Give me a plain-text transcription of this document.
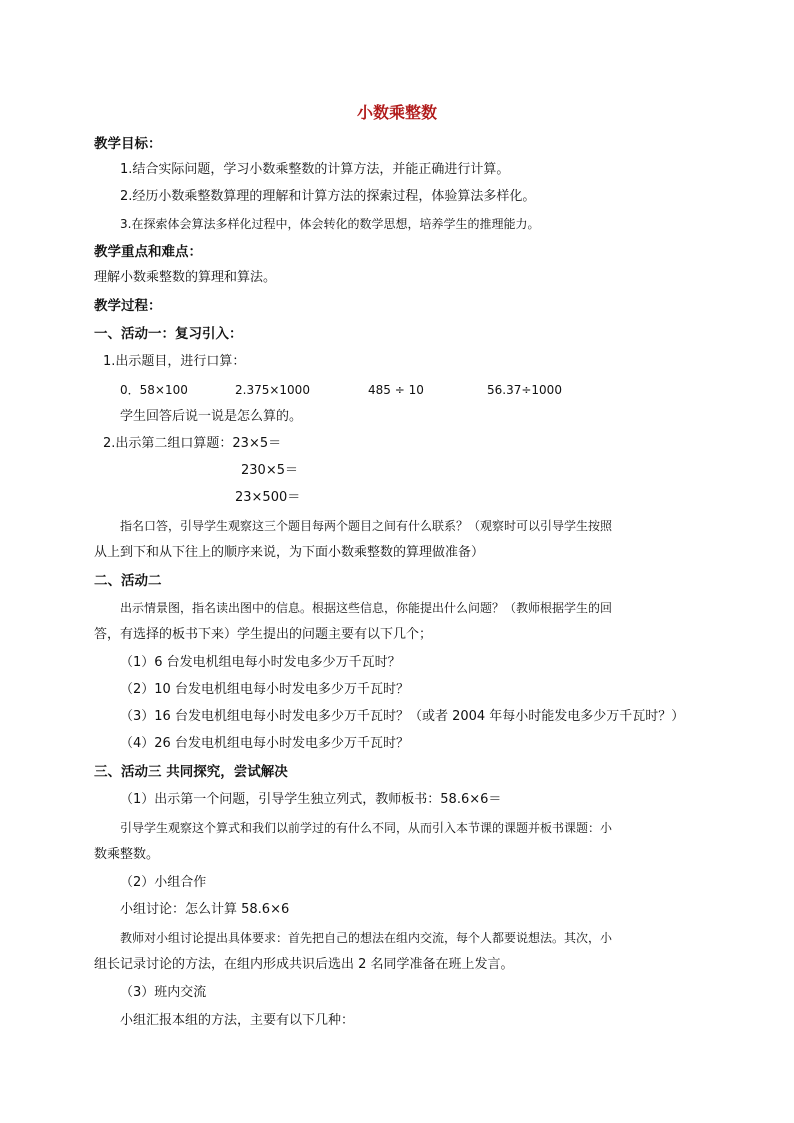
小数乘整数
教学目标：
1.结合实际问题，学习小数乘整数的计算方法，并能正确进行计算。
2.经历小数乘整数算理的理解和计算方法的探索过程，体验算法多样化。
3.在探索体会算法多样化过程中，体会转化的数学思想，培养学生的推理能力。
教学重点和难点：
理解小数乘整数的算理和算法。
教学过程：
一、活动一：复习引入：
1.出示题目，进行口算：
0．58×100	2.375×1000	485 ÷ 10	56.37÷1000
学生回答后说一说是怎么算的。
2.出示第二组口算题：23×5＝
230×5＝
23×500＝
指名口答，引导学生观察这三个题目每两个题目之间有什么联系？（观察时可以引导学生按照
从上到下和从下往上的顺序来说，为下面小数乘整数的算理做准备）
二、活动二
出示情景图，指名读出图中的信息。根据这些信息，你能提出什么问题？（教师根据学生的回
答，有选择的板书下来）学生提出的问题主要有以下几个；
（1）6 台发电机组电每小时发电多少万千瓦时？
（2）10 台发电机组电每小时发电多少万千瓦时？
（3）16 台发电机组电每小时发电多少万千瓦时？（或者 2004 年每小时能发电多少万千瓦时？）
（4）26 台发电机组电每小时发电多少万千瓦时？
三、活动三 共同探究，尝试解决
（1）出示第一个问题，引导学生独立列式，教师板书：58.6×6＝
引导学生观察这个算式和我们以前学过的有什么不同，从而引入本节课的课题并板书课题：小
数乘整数。
（2）小组合作
小组讨论：怎么计算 58.6×6
教师对小组讨论提出具体要求：首先把自己的想法在组内交流，每个人都要说想法。其次，小
组长记录讨论的方法，在组内形成共识后选出 2 名同学准备在班上发言。
（3）班内交流
小组汇报本组的方法，主要有以下几种：
